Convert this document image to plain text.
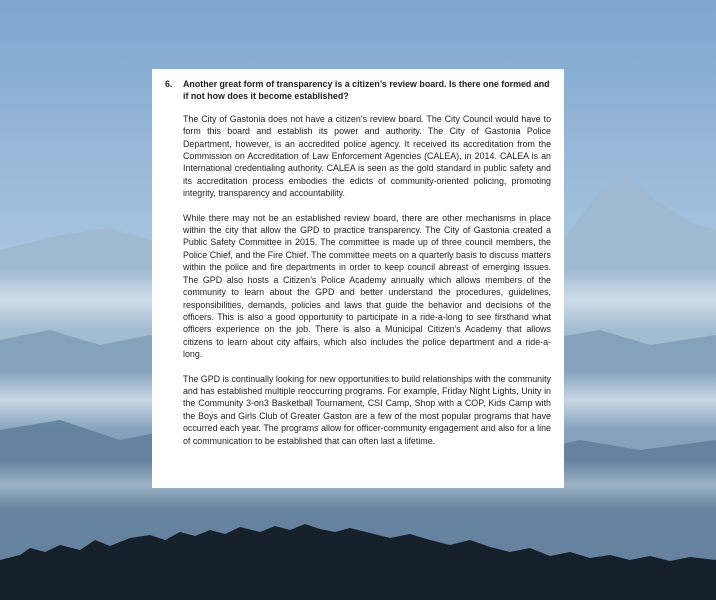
6.	Another great form of transparency is a citizen’s review board. Is there one formed and if not how does it become established?

The City of Gastonia does not have a citizen’s review board. The City Council would have to form this board and establish its power and authority. The City of Gastonia Police Department, however, is an accredited police agency. It received its accreditation from the Commission on Accreditation of Law Enforcement Agencies (CALEA), in 2014. CALEA is an International credentialing authority. CALEA is seen as the gold standard in public safety and its accreditation process embodies the edicts of community-oriented policing, promoting integrity, transparency and accountability.

While there may not be an established review board, there are other mechanisms in place within the city that allow the GPD to practice transparency. The City of Gastonia created a Public Safety Committee in 2015. The committee is made up of three council members, the Police Chief, and the Fire Chief. The committee meets on a quarterly basis to discuss matters within the police and fire departments in order to keep council abreast of emerging issues. The GPD also hosts a Citizen’s Police Academy annually which allows members of the community to learn about the GPD and better understand the procedures, guidelines, responsibilities, demands, policies and laws that guide the behavior and decisions of the officers. This is also a good opportunity to participate in a ride-a-long to see firsthand what officers experience on the job. There is also a Municipal Citizen’s Academy that allows citizens to learn about city affairs, which also includes the police department and a ride-a-long.

The GPD is continually looking for new opportunities to build relationships with the community and has established multiple reoccurring programs. For example, Friday Night Lights, Unity in the Community 3-on3 Basketball Tournament, CSI Camp, Shop with a COP, Kids Camp with the Boys and Girls Club of Greater Gaston are a few of the most popular programs that have occurred each year. The programs allow for officer-community engagement and also for a line of communication to be established that can often last a lifetime.
